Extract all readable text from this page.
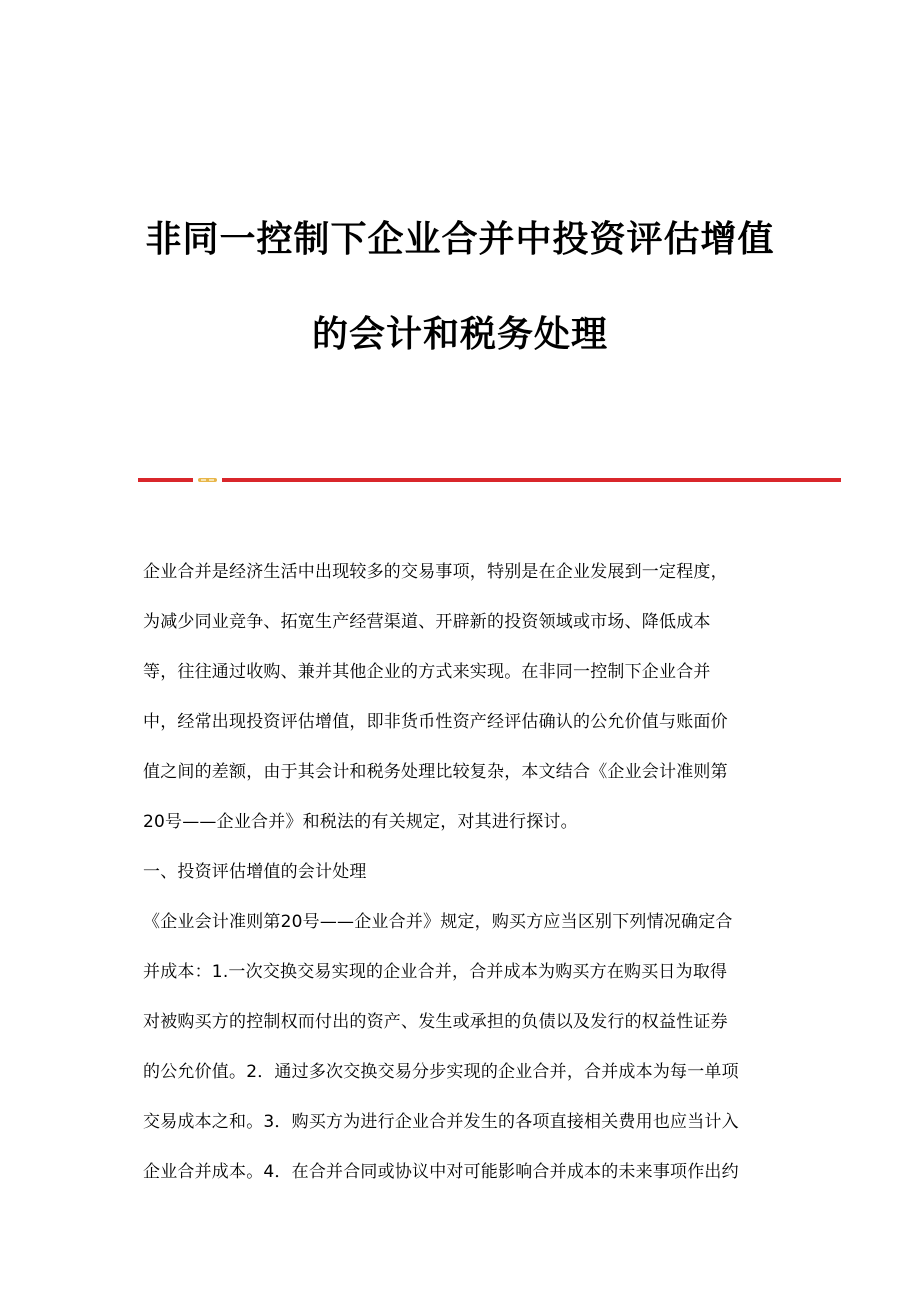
非同一控制下企业合并中投资评估增值
的会计和税务处理
企业合并是经济生活中出现较多的交易事项，特别是在企业发展到一定程度，
为减少同业竞争、拓宽生产经营渠道、开辟新的投资领域或市场、降低成本
等，往往通过收购、兼并其他企业的方式来实现。在非同一控制下企业合并
中，经常出现投资评估增值，即非货币性资产经评估确认的公允价值与账面价
值之间的差额，由于其会计和税务处理比较复杂，本文结合《企业会计准则第
20号——企业合并》和税法的有关规定，对其进行探讨。
一、投资评估增值的会计处理
《企业会计准则第20号——企业合并》规定，购买方应当区别下列情况确定合
并成本：1.一次交换交易实现的企业合并，合并成本为购买方在购买日为取得
对被购买方的控制权而付出的资产、发生或承担的负债以及发行的权益性证券
的公允价值。2．通过多次交换交易分步实现的企业合并，合并成本为每一单项
交易成本之和。3．购买方为进行企业合并发生的各项直接相关费用也应当计入
企业合并成本。4．在合并合同或协议中对可能影响合并成本的未来事项作出约
